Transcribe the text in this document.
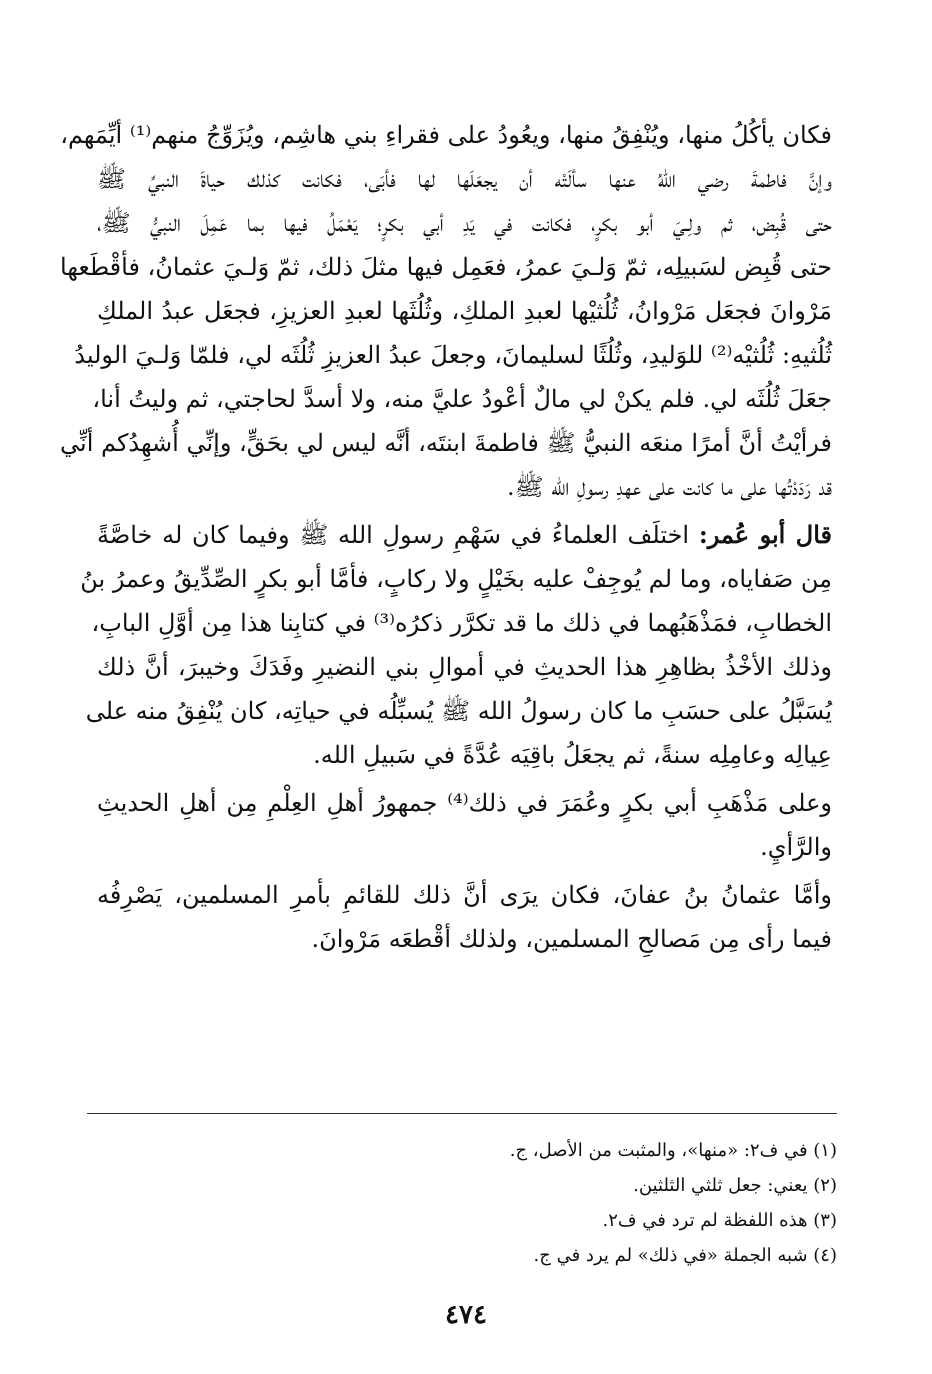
فكان يأكُلُ منها، ويُنْفِقُ منها، ويعُودُ على فقراءِ بني هاشِم، ويُزَوِّجُ منهم⁽¹⁾ أيِّمَهم،
وإنَّ فاطمةَ رضي اللهُ عنها سألَتْه أن يجعَلَها لها فأبَى، فكانت كذلك حياةَ النبيِّ ﷺ
حتى قُبِض، ثم ولِـيَ أبو بكرٍ، فكانت في يَدِ أبي بكرٍ؛ يَعْمَلُ فيها بما عَمِلَ النبيُّ ﷺ،
حتى قُبِض لسَبيلِه، ثمّ وَلـيَ عمرُ، فعَمِل فيها مثلَ ذلك، ثمّ وَلـيَ عثمانُ، فأقْطَعها
مَرْوانَ فجعَل مَرْوانُ، ثُلُثيْها لعبدِ الملكِ، وثُلُثَها لعبدِ العزيزِ، فجعَل عبدُ الملكِ
ثُلُثيهِ: ثُلُثيْه⁽²⁾ للوَليدِ، وثُلُثًا لسليمانَ، وجعلَ عبدُ العزيزِ ثُلُثَه لي، فلمّا وَلـيَ الوليدُ
جعَلَ ثُلُثَه لي. فلم يكنْ لي مالٌ أعْودُ عليَّ منه، ولا أسدَّ لحاجتي، ثم وليتُ أنا،
فرأيْتُ أنَّ أمرًا منعَه النبيُّ ﷺ فاطمةَ ابنتَه، أنَّه ليس لي بحَقٍّ، وإنِّي أُشهِدُكم أنِّي
قد رَدَدْتُها على ما كانت على عهدِ رسولِ الله ﷺ.
قال أبو عُمر: اختلَف العلماءُ في سَهْمِ رسولِ الله ﷺ وفيما كان له خاصَّةً
مِن صَفاياه، وما لم يُوجِفْ عليه بخَيْلٍ ولا ركابٍ، فأمَّا أبو بكرٍ الصِّدِّيقُ وعمرُ بنُ
الخطابِ، فمَذْهَبُهما في ذلك ما قد تكرَّر ذكرُه⁽³⁾ في كتابِنا هذا مِن أوَّلِ البابِ،
وذلك الأخْذُ بظاهِرِ هذا الحديثِ في أموالِ بني النضيرِ وفَدَكَ وخيبرَ، أنَّ ذلك
يُسَبَّلُ على حسَبِ ما كان رسولُ الله ﷺ يُسبِّلُه في حياتِه، كان يُنْفِقُ منه على
عِيالِه وعامِلِه سنةً، ثم يجعَلُ باقِيَه عُدَّةً في سَبيلِ الله.
وعلى مَذْهَبِ أبي بكرٍ وعُمَرَ في ذلك⁽⁴⁾ جمهورُ أهلِ العِلْمِ مِن أهلِ الحديثِ
والرَّأيِ.
وأمَّا عثمانُ بنُ عفانَ، فكان يرَى أنَّ ذلك للقائمِ بأمرِ المسلمين، يَصْرِفُه
فيما رأى مِن مَصالحِ المسلمين، ولذلك أقْطعَه مَرْوانَ.
(١) في ف٢: «منها»، والمثبت من الأصل، ج.
(٢) يعني: جعل ثلثي الثلثين.
(٣) هذه اللفظة لم ترد في ف٢.
(٤) شبه الجملة «في ذلك» لم يرد في ج.
٤٧٤
